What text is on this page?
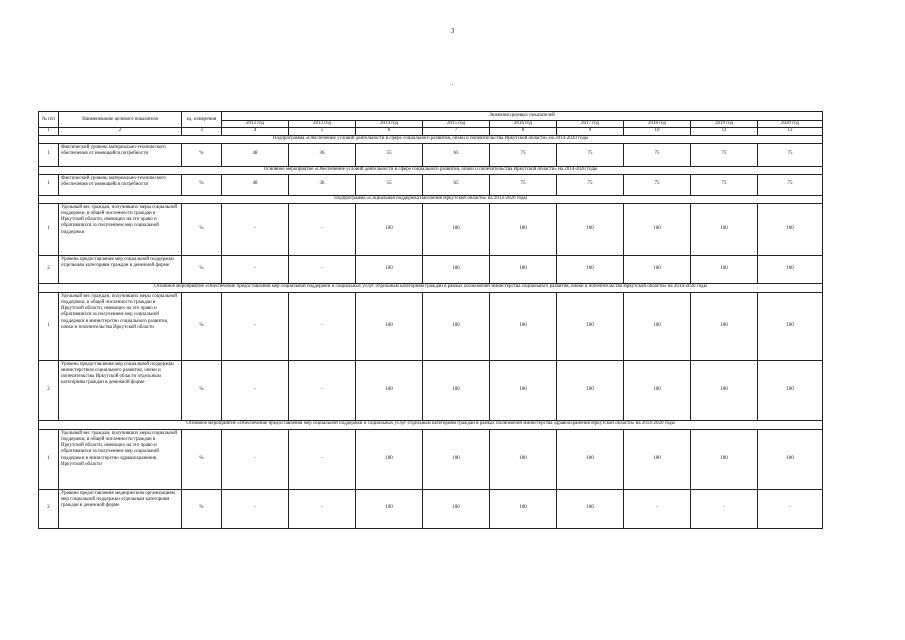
3
№ п/п	Наименование целевого показателя	ед. измерения	Значения целевых показателей								
			2012 год	2013 год	2014 год	2015 год	2016 год	2017 год	2018 год	2019 год	2020 год
1	2	3	4	5	6	7	8	9	10	11	12
Подпрограмма «Обеспечение условий деятельности в сфере социального развития, опеки и попечительства Иркутской области» на 2014-2020 годы											
1	Фактический уровень материально-технического обеспечения от имеющейся потребности	%	48	36	55	65	75	75	75	75	75
Основное мероприятие «Обеспечение условий деятельности в сфере социального развития, опеки и попечительства Иркутской области» на 2014-2020 годы											
1	Фактический уровень материально-технического обеспечения от имеющейся потребности	%	48	36	55	65	75	75	75	75	75
Подпрограмма «Социальная поддержка населения Иркутской области» на 2014-2020 годы											
1	Удельный вес граждан, получивших меры социальной поддержки, в общей численности граждан в Иркутской области, имеющих на это право и обратившихся за получением мер социальной поддержки	%	-	-	100	100	100	100	100	100	100
2	Уровень предоставления мер социальной поддержки отдельным категориям граждан в денежной форме	%	-	-	100	100	100	100	100	100	100
Основное мероприятие «Обеспечение предоставления мер социальной поддержки и социальных услуг отдельным категориям граждан в рамках полномочий министерства социального развития, опеки и попечительства Иркутской области» на 2014-2020 годы											
1	Удельный вес граждан, получивших меры социальной поддержки, в общей численности граждан в Иркутской области, имеющих на это право и обратившихся за получением мер социальной поддержки в министерство социального развития, опеки и попечительства Иркутской области	%	-	-	100	100	100	100	100	100	100
2	Уровень предоставления мер социальной поддержки министерством социального развития, опеки и попечительства Иркутской области отдельным категориям граждан в денежной форме	%	-	-	100	100	100	100	100	100	100
Основное мероприятие «Обеспечение предоставления мер социальной поддержки и социальных услуг отдельным категориям граждан в рамках полномочий министерства здравоохранения Иркутской области» на 2014-2020 годы											
1	Удельный вес граждан, получивших меры социальной поддержки, в общей численности граждан в Иркутской области, имеющих на это право и обратившихся за получением мер социальной поддержки в министерство здравоохранения Иркутской области	%	-	-	100	100	100	100	100	100	100
2	Уровень предоставления медицинским организациям мер социальной поддержки отдельным категориям граждан в денежной форме	%	-	-	100	100	100	100	-	-	-
